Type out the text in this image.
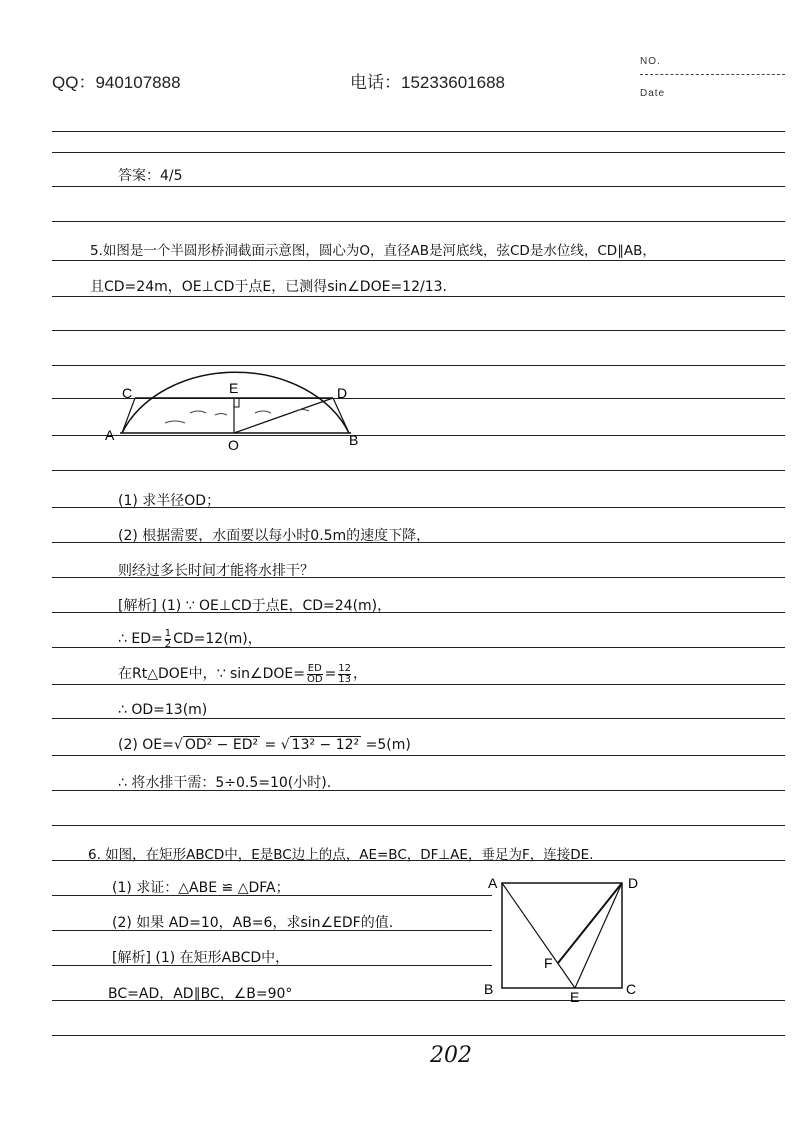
QQ：940107888	电话：15233601688
NO.
Date
答案：4/5
5.如图是一个半圆形桥洞截面示意图，圆心为O，直径AB是河底线，弦CD是水位线，CD∥AB，
且CD=24m，OE⊥CD于点E，已测得sin∠DOE=12/13.
C	E	D
A
O	B
(1) 求半径OD；
(2) 根据需要，水面要以每小时0.5m的速度下降，
则经过多长时间才能将水排干？
[解析] (1) ∵ OE⊥CD于点E，CD=24(m)，
∴ $ED= \frac{1}{2} CD=12(m)$，
在Rt△DOE中，∵ sin∠DOE= $\frac{ED}{OD} = \frac{12}{13}$ ，
∴ OD=13(m)
(2) OE=√ OD² − ED² = √ 13² − 12² =5(m)
∴ 将水排干需：5÷0.5=10(小时).
6. 如图，在矩形ABCD中，E是BC边上的点，AE=BC，DF⊥AE，垂足为F，连接DE.
(1) 求证：△ABE ≌ △DFA；
(2) 如果 AD=10，AB=6，求sin∠EDF的值.
[解析] (1) 在矩形ABCD中，
BC=AD，AD∥BC，∠B=90°
A	D
B	C
F
E
202
